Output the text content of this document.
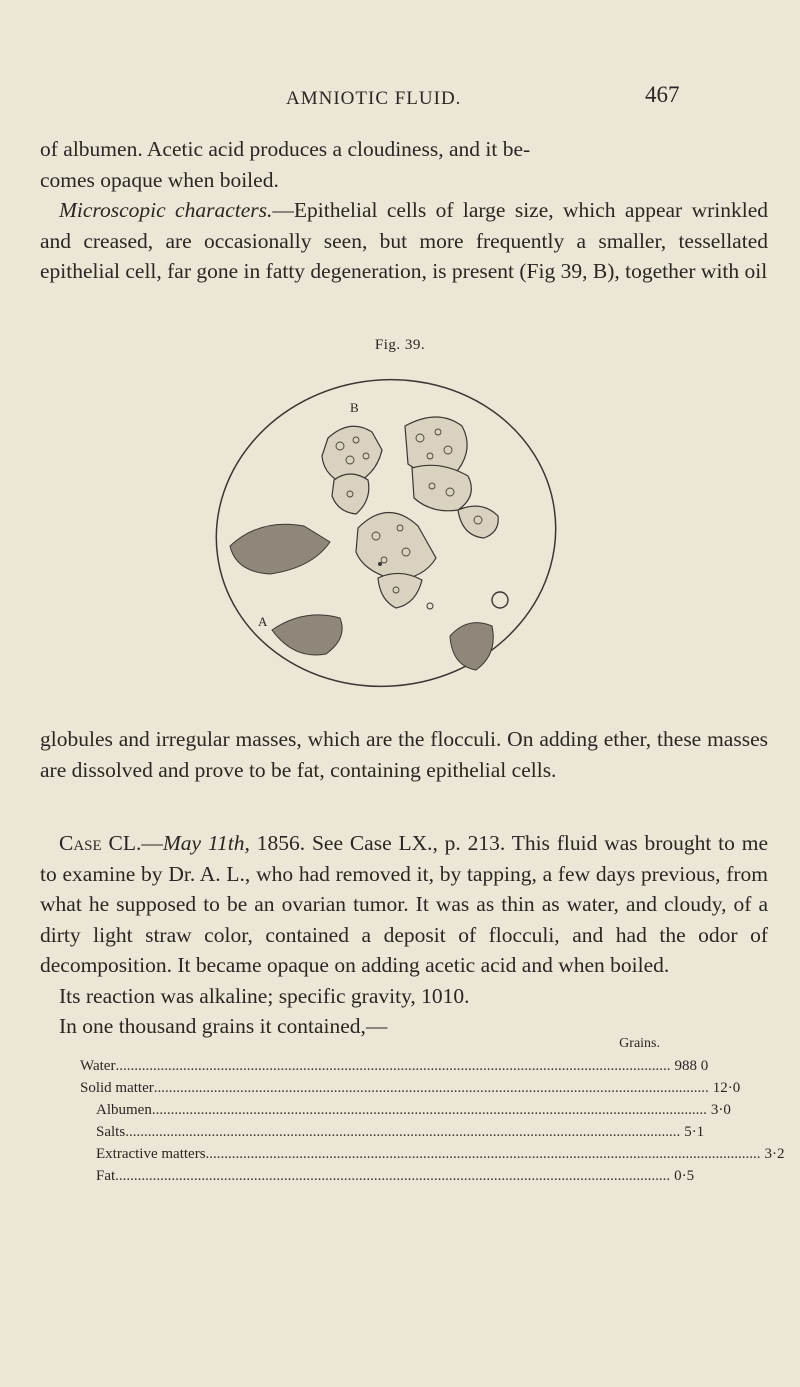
AMNIOTIC FLUID.	467
of albumen. Acetic acid produces a cloudiness, and it be-
comes opaque when boiled.
Microscopic characters.—Epithelial cells of large size, which appear wrinkled and creased, are occasionally seen, but more frequently a smaller, tessellated epithelial cell, far gone in fatty degeneration, is present (Fig 39, B), together with oil
Fig. 39.
B
A
globules and irregular masses, which are the flocculi. On adding ether, these masses are dissolved and prove to be fat, containing epithelial cells.
Case CL.—May 11th, 1856. See Case LX., p. 213. This fluid was brought to me to examine by Dr. A. L., who had removed it, by tapping, a few days previous, from what he supposed to be an ovarian tumor. It was as thin as water, and cloudy, of a dirty light straw color, contained a deposit of flocculi, and had the odor of decomposition. It became opaque on adding acetic acid and when boiled.
Its reaction was alkaline; specific gravity, 1010.
In one thousand grains it contained,—
Grains.
Water .................................................................................................................................................... 988 0
Solid matter .................................................................................................................................................... 12·0
Albumen .................................................................................................................................................... 3·0
Salts .................................................................................................................................................... 5·1
Extractive matters .................................................................................................................................................... 3·2
Fat .................................................................................................................................................... 0·5
